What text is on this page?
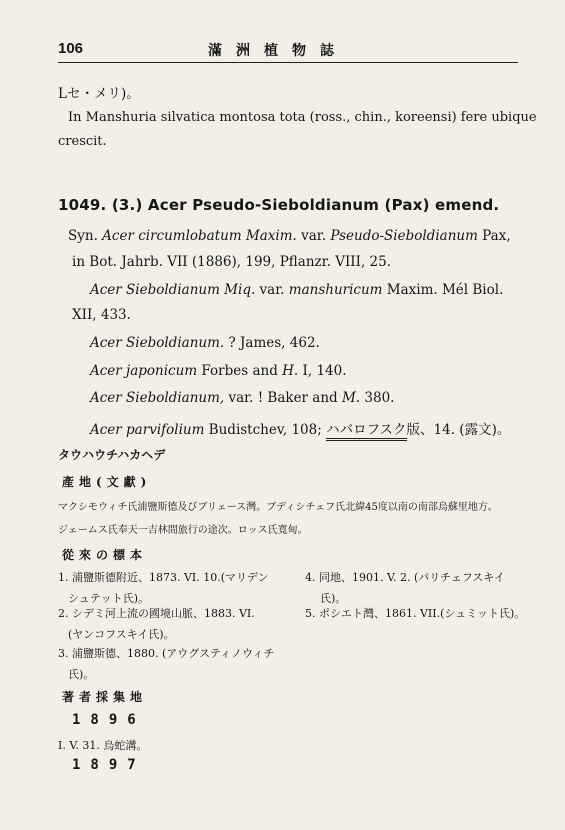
106	滿洲植物誌
Lセ・メリ)。
In Manshuria silvatica montosa tota (ross., chin., koreensi) fere ubique
crescit.
1049. (3.) Acer Pseudo-Sieboldianum (Pax) emend.
Syn. Acer circumlobatum Maxim. var. Pseudo-Sieboldianum Pax,
in Bot. Jahrb. VII (1886), 199, Pflanzr. VIII, 25.
Acer Sieboldianum Miq. var. manshuricum Maxim. Mél Biol.
XII, 433.
Acer Sieboldianum. ? James, 462.
Acer japonicum Forbes and H. I, 140.
Acer Sieboldianum, var. ! Baker and M. 380.
Acer parvifolium Budistchev, 108; ハバロフスク版、14. (露文)。
タウハウチハカヘデ
產地(文獻)
マクシモウィチ氏浦鹽斯德及びブリェース灣。ブディシチェフ氏北緯45度以南の南部烏蘇里地方。
ジェームス氏奉天一吉林間旅行の途次。ロッス氏寬甸。
從來の標本
1. 浦鹽斯德附近、1873. VI. 10.(マリデン
シュテット氏)。
2. シデミ河上流の國境山脈、1883. VI.
(ヤンコフスキイ氏)。
3. 浦鹽斯德、1880. (アウグスティノウィチ
氏)。
4. 同地、1901. V. 2. (パリチェフスキイ
氏)。
5. ポシエト灣、1861. VII.(シュミット氏)。
著者採集地
1896
I. V. 31. 烏蛇溝。
1897
